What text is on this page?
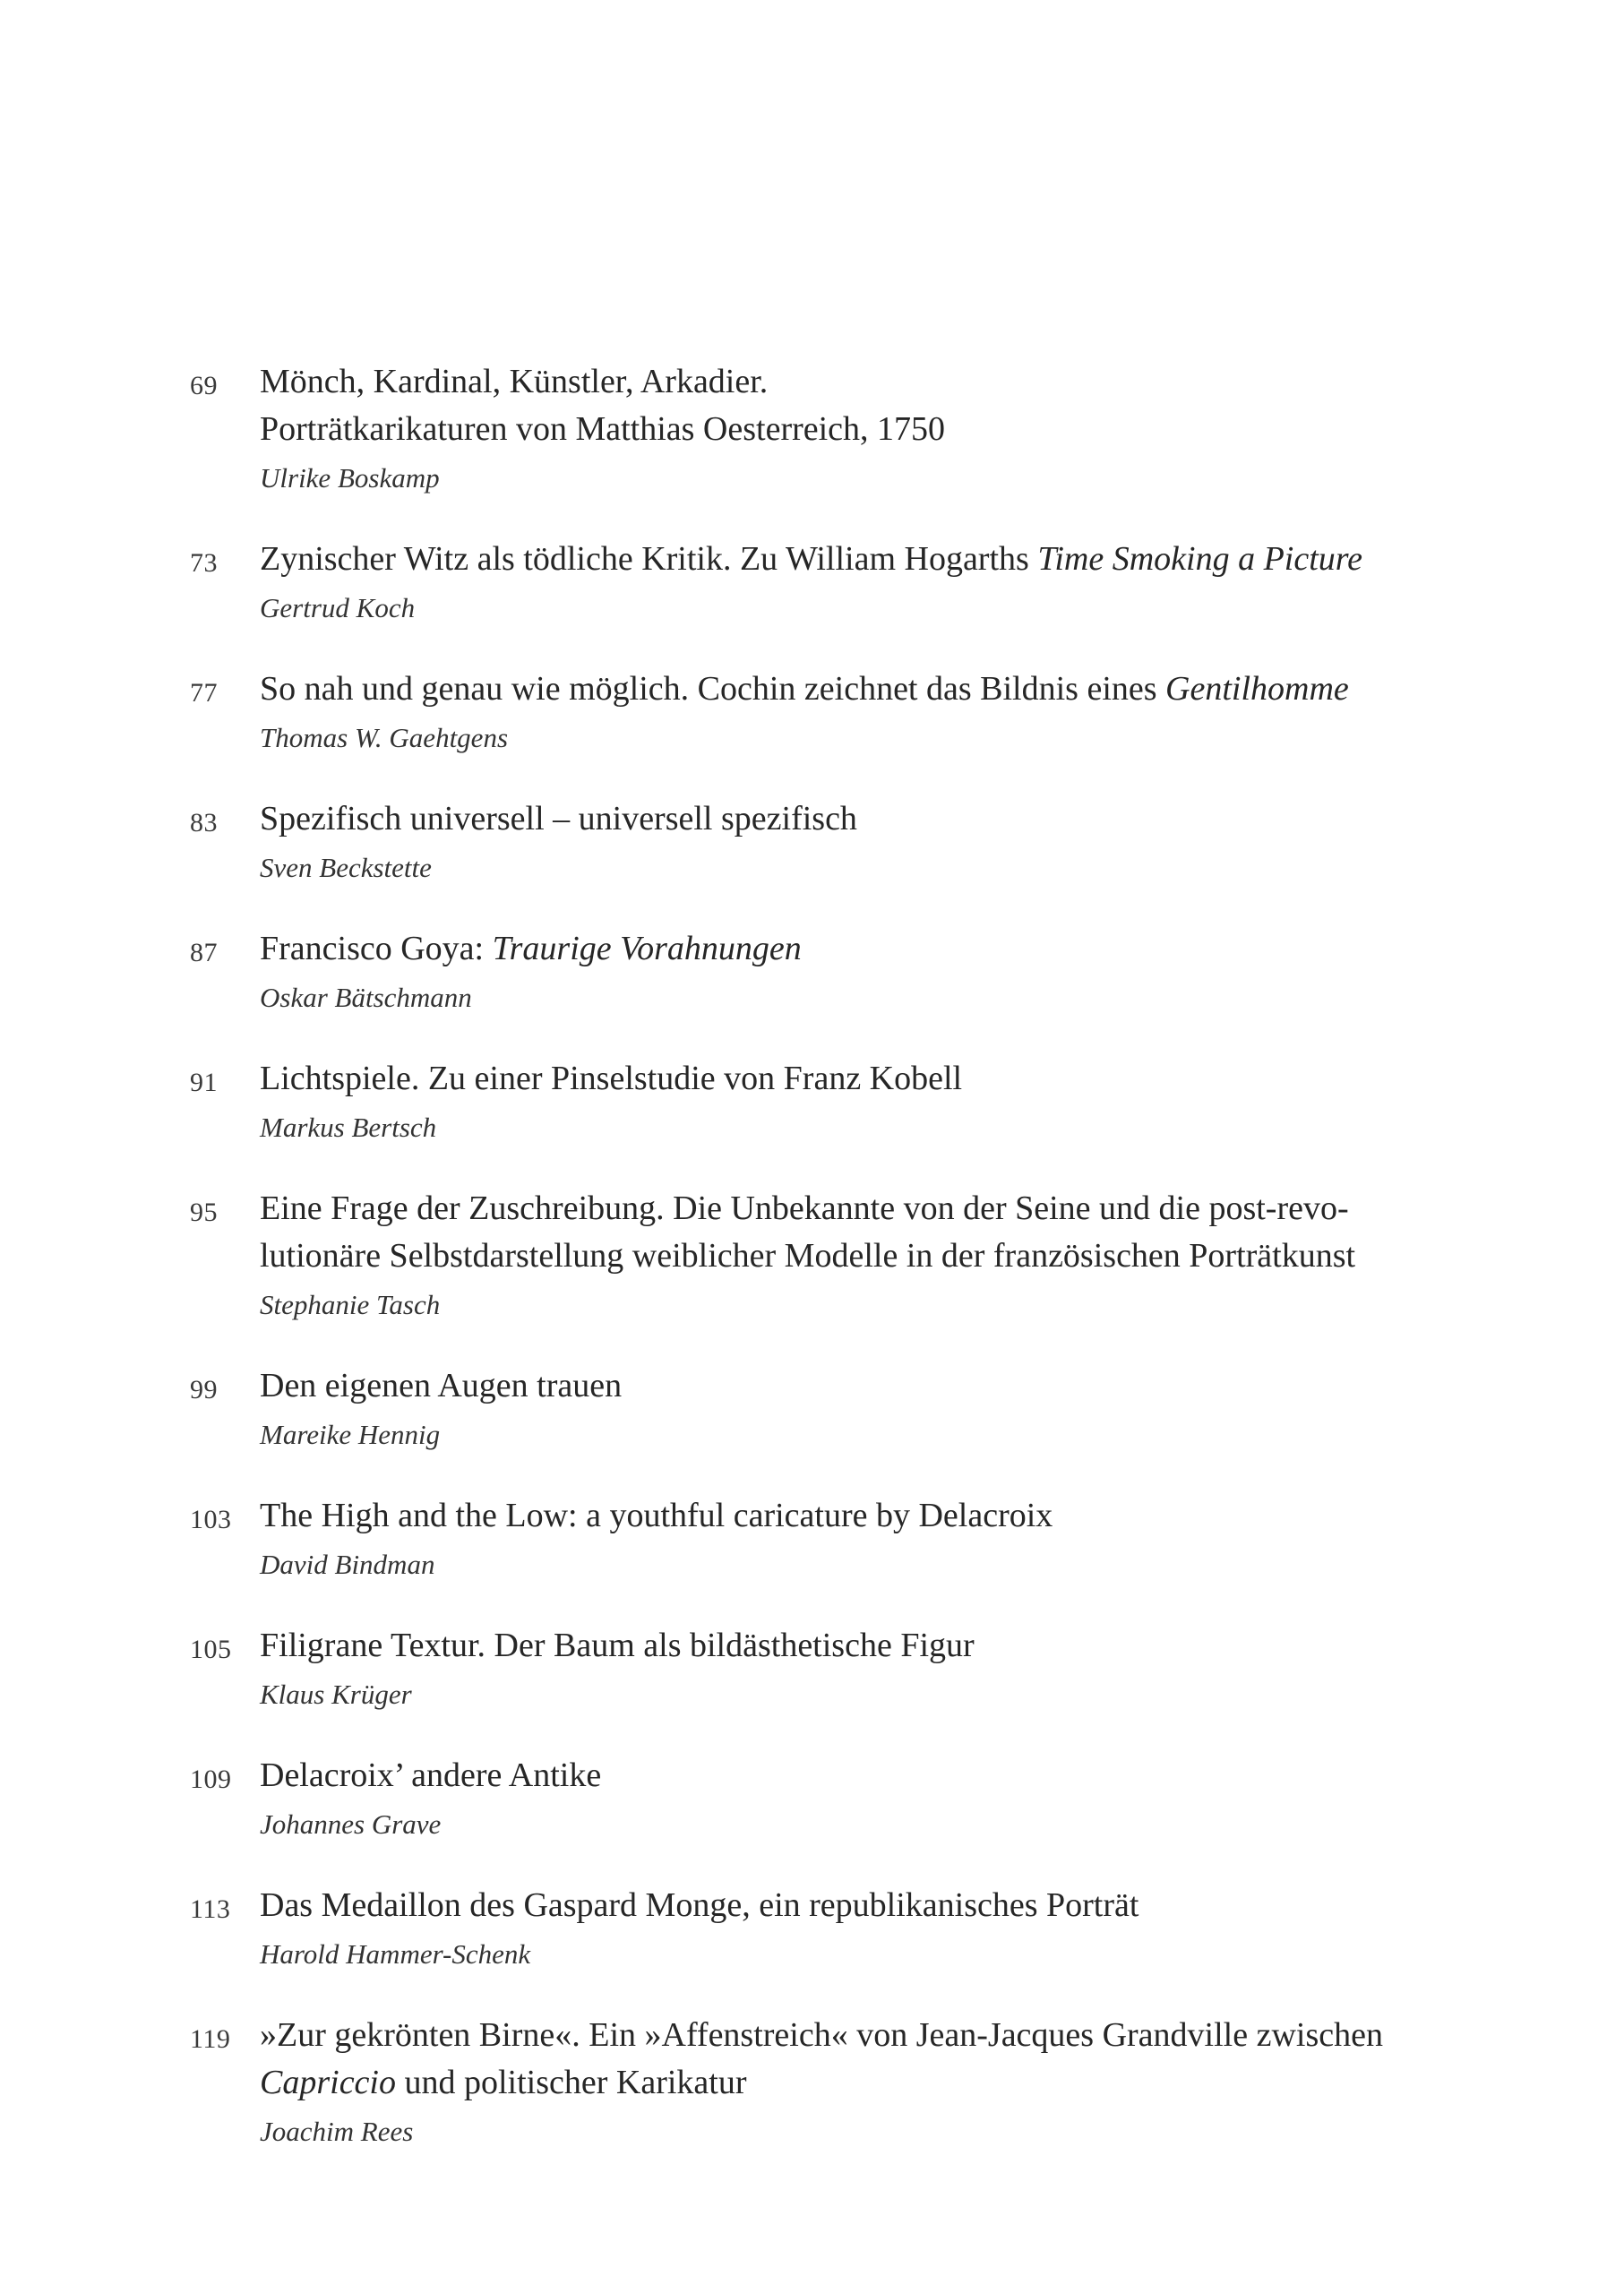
69 Mönch, Kardinal, Künstler, Arkadier.
Porträtkarikaturen von Matthias Oesterreich, 1750
Ulrike Boskamp
73 Zynischer Witz als tödliche Kritik. Zu William Hogarths Time Smoking a Picture
Gertrud Koch
77 So nah und genau wie möglich. Cochin zeichnet das Bildnis eines Gentilhomme
Thomas W. Gaehtgens
83 Spezifisch universell – universell spezifisch
Sven Beckstette
87 Francisco Goya: Traurige Vorahnungen
Oskar Bätschmann
91 Lichtspiele. Zu einer Pinselstudie von Franz Kobell
Markus Bertsch
95 Eine Frage der Zuschreibung. Die Unbekannte von der Seine und die post-revo-
lutionäre Selbstdarstellung weiblicher Modelle in der französischen Porträtkunst
Stephanie Tasch
99 Den eigenen Augen trauen
Mareike Hennig
103 The High and the Low: a youthful caricature by Delacroix
David Bindman
105 Filigrane Textur. Der Baum als bildästhetische Figur
Klaus Krüger
109 Delacroix’ andere Antike
Johannes Grave
113 Das Medaillon des Gaspard Monge, ein republikanisches Porträt
Harold Hammer-Schenk
119 »Zur gekrönten Birne«. Ein »Affenstreich« von Jean-Jacques Grandville zwischen
Capriccio und politischer Karikatur
Joachim Rees
